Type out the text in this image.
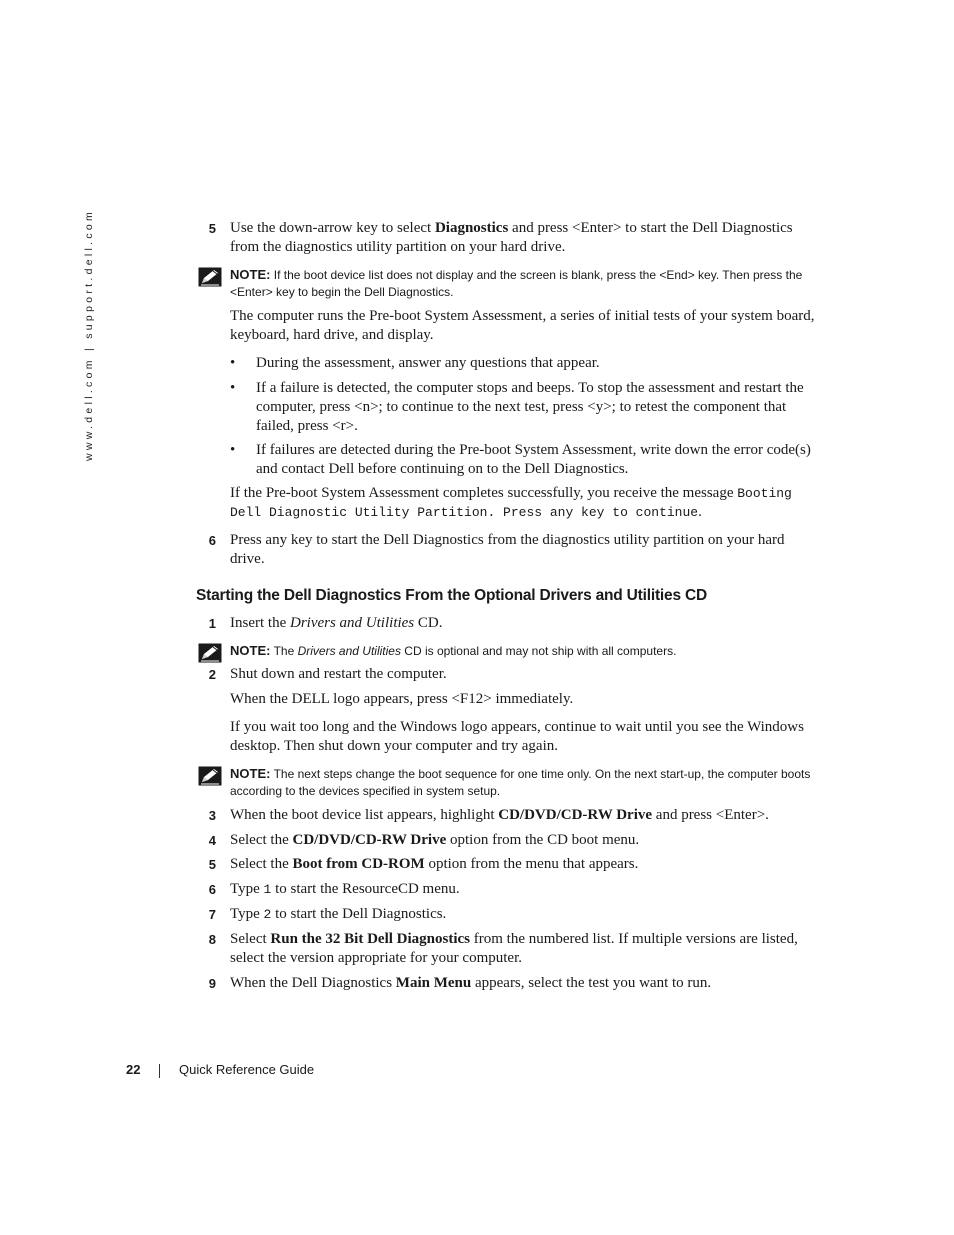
www.dell.com | support.dell.com	5 Use the down-arrow key to select Diagnostics and press <Enter> to start the Dell Diagnostics from the diagnostics utility partition on your hard drive.
NOTE: If the boot device list does not display and the screen is blank, press the <End> key. Then press the <Enter> key to begin the Dell Diagnostics.
The computer runs the Pre-boot System Assessment, a series of initial tests of your system board, keyboard, hard drive, and display.
• During the assessment, answer any questions that appear.
• If a failure is detected, the computer stops and beeps. To stop the assessment and restart the computer, press <n>; to continue to the next test, press <y>; to retest the component that failed, press <r>.
• If failures are detected during the Pre-boot System Assessment, write down the error code(s) and contact Dell before continuing on to the Dell Diagnostics.
If the Pre-boot System Assessment completes successfully, you receive the message Booting Dell Diagnostic Utility Partition. Press any key to continue.
6 Press any key to start the Dell Diagnostics from the diagnostics utility partition on your hard drive.
Starting the Dell Diagnostics From the Optional Drivers and Utilities CD
1 Insert the Drivers and Utilities CD.
NOTE: The Drivers and Utilities CD is optional and may not ship with all computers.
2 Shut down and restart the computer.
When the DELL logo appears, press <F12> immediately.
If you wait too long and the Windows logo appears, continue to wait until you see the Windows desktop. Then shut down your computer and try again.
NOTE: The next steps change the boot sequence for one time only. On the next start-up, the computer boots according to the devices specified in system setup.
3 When the boot device list appears, highlight CD/DVD/CD-RW Drive and press <Enter>.
4 Select the CD/DVD/CD-RW Drive option from the CD boot menu.
5 Select the Boot from CD-ROM option from the menu that appears.
6 Type 1 to start the ResourceCD menu.
7 Type 2 to start the Dell Diagnostics.
8 Select Run the 32 Bit Dell Diagnostics from the numbered list. If multiple versions are listed, select the version appropriate for your computer.
9 When the Dell Diagnostics Main Menu appears, select the test you want to run.
22	Quick Reference Guide
